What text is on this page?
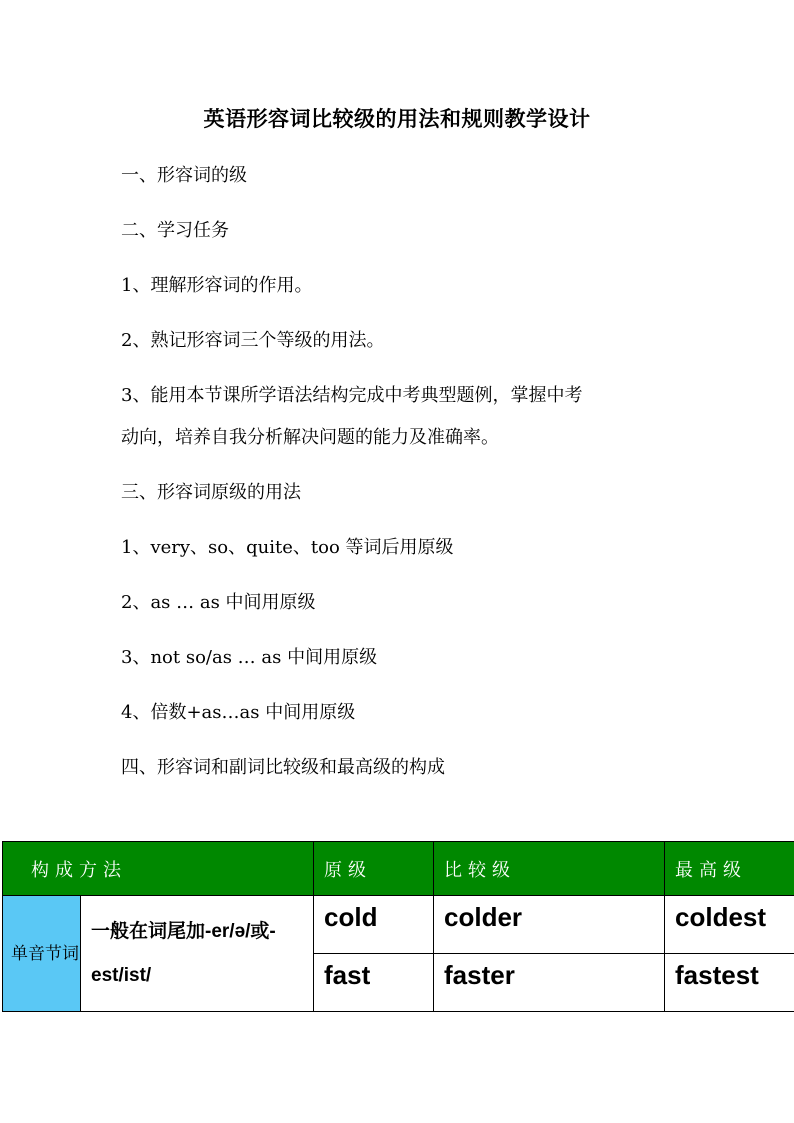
英语形容词比较级的用法和规则教学设计
一、形容词的级
二、学习任务
1、理解形容词的作用。
2、熟记形容词三个等级的用法。
3、能用本节课所学语法结构完成中考典型题例，掌握中考
动向，培养自我分析解决问题的能力及准确率。
三、形容词原级的用法
1、very、so、quite、too 等词后用原级
2、as … as 中间用原级
3、not so/as … as 中间用原级
4、倍数+as…as 中间用原级
四、形容词和副词比较级和最高级的构成
构成方法		原级	比较级	最高级
单音节词	一般在词尾加-er/ə/或-est/ist/	cold	colder	coldest
		fast	faster	fastest
